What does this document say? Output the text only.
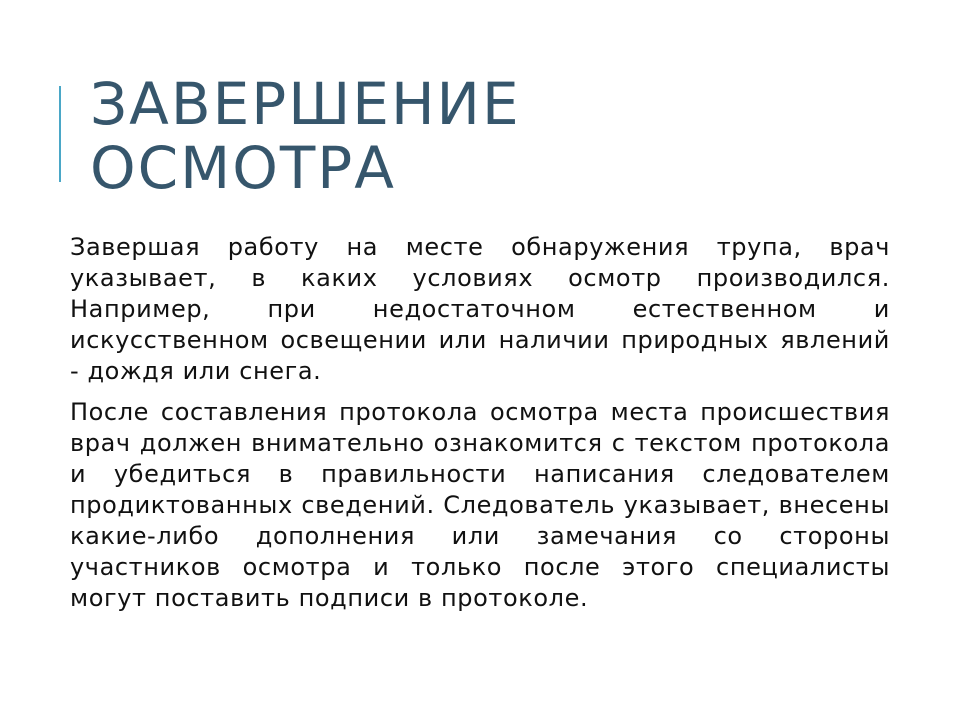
ЗАВЕРШЕНИЕ
ОСМОТРА

Завершая работу на месте обнаружения трупа, врач указывает, в каких условиях осмотр производился. Например, при недостаточном естественном и искусственном освещении или наличии природных явлений - дождя или снега.

После составления протокола осмотра места происшествия врач должен внимательно ознакомится с текстом протокола и убедиться в правильности написания следователем продиктованных сведений. Следователь указывает, внесены какие-либо дополнения или замечания со стороны участников осмотра и только после этого специалисты могут поставить подписи в протоколе.
